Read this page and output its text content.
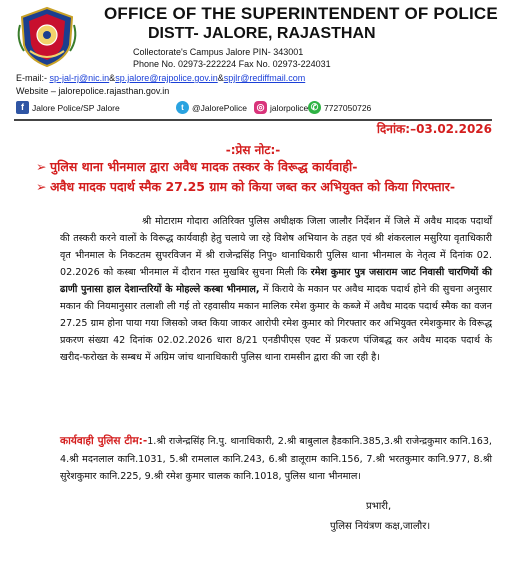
OFFICE OF THE SUPERINTENDENT OF POLICE
DISTT- JALORE, RAJASTHAN
Collectorate's Campus Jalore PIN- 343001
Phone No. 02973-222224 Fax No. 02973-224031
E-mail:- sp-jal-rj@nic.in&sp.jalore@rajpolice.gov.in&spjlr@rediffmail.com
Website – jalorepolice.rajasthan.gov.in
f Jalore Police/SP Jalore	t @JalorePolice ◎ jalorpolice ✆ 7727050726
दिनांक:–03.02.2026
-:प्रेस नोट:-
➢ पुलिस थाना भीनमाल द्वारा अवैध मादक तस्कर के विरूद्ध कार्यवाही-
➢ अवैध मादक पदार्थ स्मैक 27.25 ग्राम को किया जब्त कर अभियुक्त को किया गिरफ्तार-
श्री मोटाराम गोदारा अतिरिक्त पुलिस अधीक्षक जिला जालौर निर्देशन में जिले में अवैध मादक पदार्थों की तस्करी करने वालों के विरूद्ध कार्यवाही हेतु चलाये जा रहे विशेष अभियान के तहत एवं श्री शंकरलाल मसुरिया वृताधिकारी वृत भीनमाल के निकटतम सुपरविजन में श्री राजेन्द्रसिंह निपु० थानाधिकारी पुलिस थाना भीनमाल के नेतृत्व में दिनांक 02. 02.2026 को कस्बा भीनमाल में दौरान गस्त मुखबिर सुचना मिली कि रमेश कुमार पुत्र जसाराम जाट निवासी चारणियों की ढाणी पुनासा हाल देशान्तरियों के मोहल्ले कस्बा भीनमाल, में किराये के मकान पर अवैध मादक पदार्थ होने की सुचना अनुसार मकान की नियमानुसार तलाशी ली गई तो रहवासीय मकान मालिक रमेश कुमार के कब्जे में अवैध मादक पदार्थ स्मैक का वजन 27.25 ग्राम होना पाया गया जिसको जब्त किया जाकर आरोपी रमेश कुमार को गिरफ्तार कर अभियुक्त रमेशकुमार के विरूद्ध प्रकरण संख्या 42 दिनांक 02.02.2026 धारा 8/21 एनडीपीएस एक्ट में प्रकरण पंजिबद्ध कर अवैध मादक पदार्थ के खरीद-फरोख्त के सम्बध में अग्रिम जांच थानाधिकारी पुलिस थाना रामसीन द्वारा की जा रही है।
कार्यवाही पुलिस टीम:-1.श्री राजेन्द्रसिंह नि.पु. थानाधिकारी, 2.श्री बाबुलाल हैडकानि.385,3.श्री राजेन्द्रकुमार कानि.163, 4.श्री मदनलाल कानि.1031, 5.श्री रामलाल कानि.243, 6.श्री डालूराम कानि.156, 7.श्री भरतकुमार कानि.977, 8.श्री सुरेशकुमार कानि.225, 9.श्री रमेश कुमार चालक कानि.1018, पुलिस थाना भीनमाल।
प्रभारी,
पुलिस नियंत्रण कक्ष,जालौर।
